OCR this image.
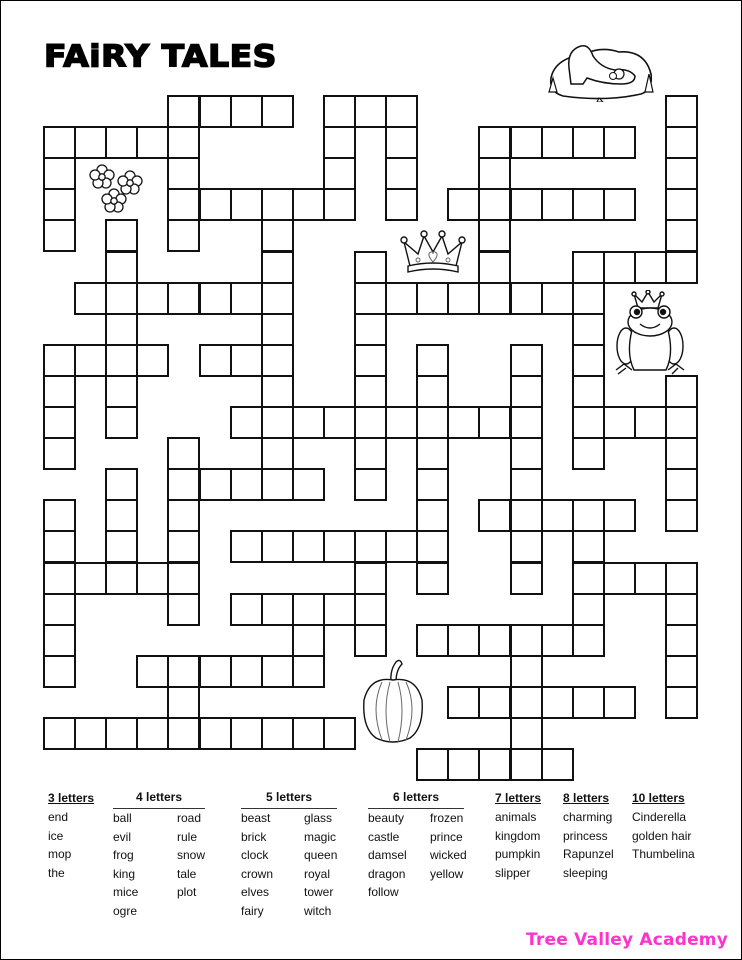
FAiRY TALES
3 letters
end
ice
mop
the
4 letters
ball
evil
frog
king
mice
ogre
road
rule
snow
tale
plot
5 letters
beast
brick
clock
crown
elves
fairy
glass
magic
queen
royal
tower
witch
6 letters
beauty
castle
damsel
dragon
follow
frozen
prince
wicked
yellow
7 letters
animals
kingdom
pumpkin
slipper
8 letters
charming
princess
Rapunzel
sleeping
10 letters
Cinderella
golden hair
Thumbelina
Tree Valley Academy
